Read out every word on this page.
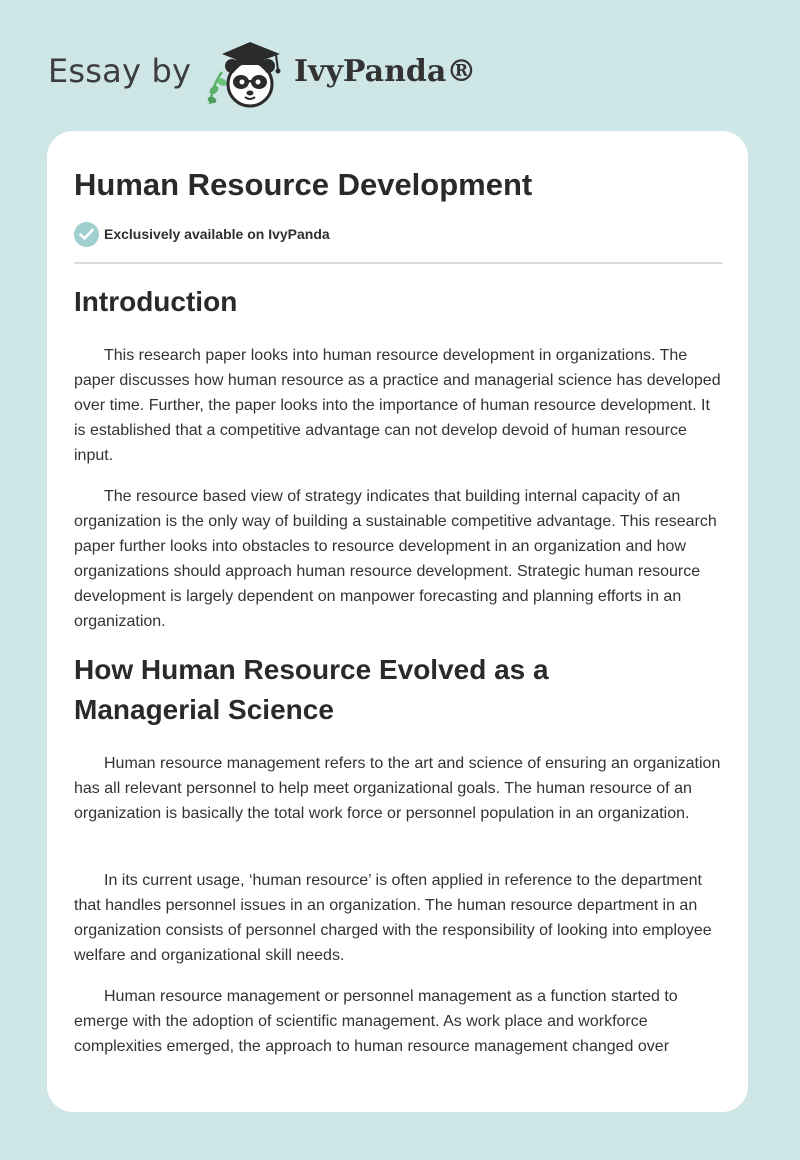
Essay by	IvyPanda®
Human Resource Development
Exclusively available on IvyPanda
Introduction

This research paper looks into human resource development in organizations. The paper discusses how human resource as a practice and managerial science has developed over time. Further, the paper looks into the importance of human resource development. It is established that a competitive advantage can not develop devoid of human resource input.

The resource based view of strategy indicates that building internal capacity of an organization is the only way of building a sustainable competitive advantage. This research paper further looks into obstacles to resource development in an organization and how organizations should approach human resource development. Strategic human resource development is largely dependent on manpower forecasting and planning efforts in an organization.

How Human Resource Evolved as a Managerial Science

Human resource management refers to the art and science of ensuring an organization has all relevant personnel to help meet organizational goals. The human resource of an organization is basically the total work force or personnel population in an organization.

In its current usage, ‘human resource’ is often applied in reference to the department that handles personnel issues in an organization. The human resource department in an organization consists of personnel charged with the responsibility of looking into employee welfare and organizational skill needs.

Human resource management or personnel management as a function started to emerge with the adoption of scientific management. As work place and workforce complexities emerged, the approach to human resource management changed over
